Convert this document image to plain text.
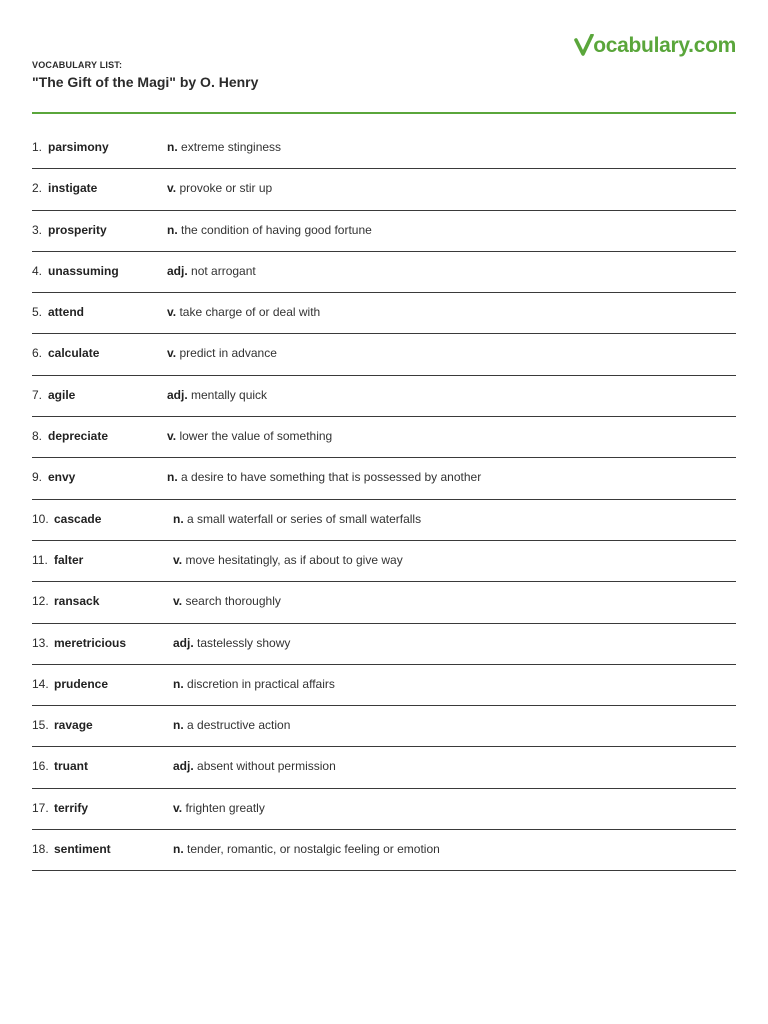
VOCABULARY LIST:
"The Gift of the Magi" by O. Henry
ocabulary.com
1. parsimony	n. extreme stinginess
2. instigate	v. provoke or stir up
3. prosperity	n. the condition of having good fortune
4. unassuming	adj. not arrogant
5. attend	v. take charge of or deal with
6. calculate	v. predict in advance
7. agile	adj. mentally quick
8. depreciate	v. lower the value of something
9. envy	n. a desire to have something that is possessed by another
10. cascade	n. a small waterfall or series of small waterfalls
11. falter	v. move hesitatingly, as if about to give way
12. ransack	v. search thoroughly
13. meretricious	adj. tastelessly showy
14. prudence	n. discretion in practical affairs
15. ravage	n. a destructive action
16. truant	adj. absent without permission
17. terrify	v. frighten greatly
18. sentiment	n. tender, romantic, or nostalgic feeling or emotion
